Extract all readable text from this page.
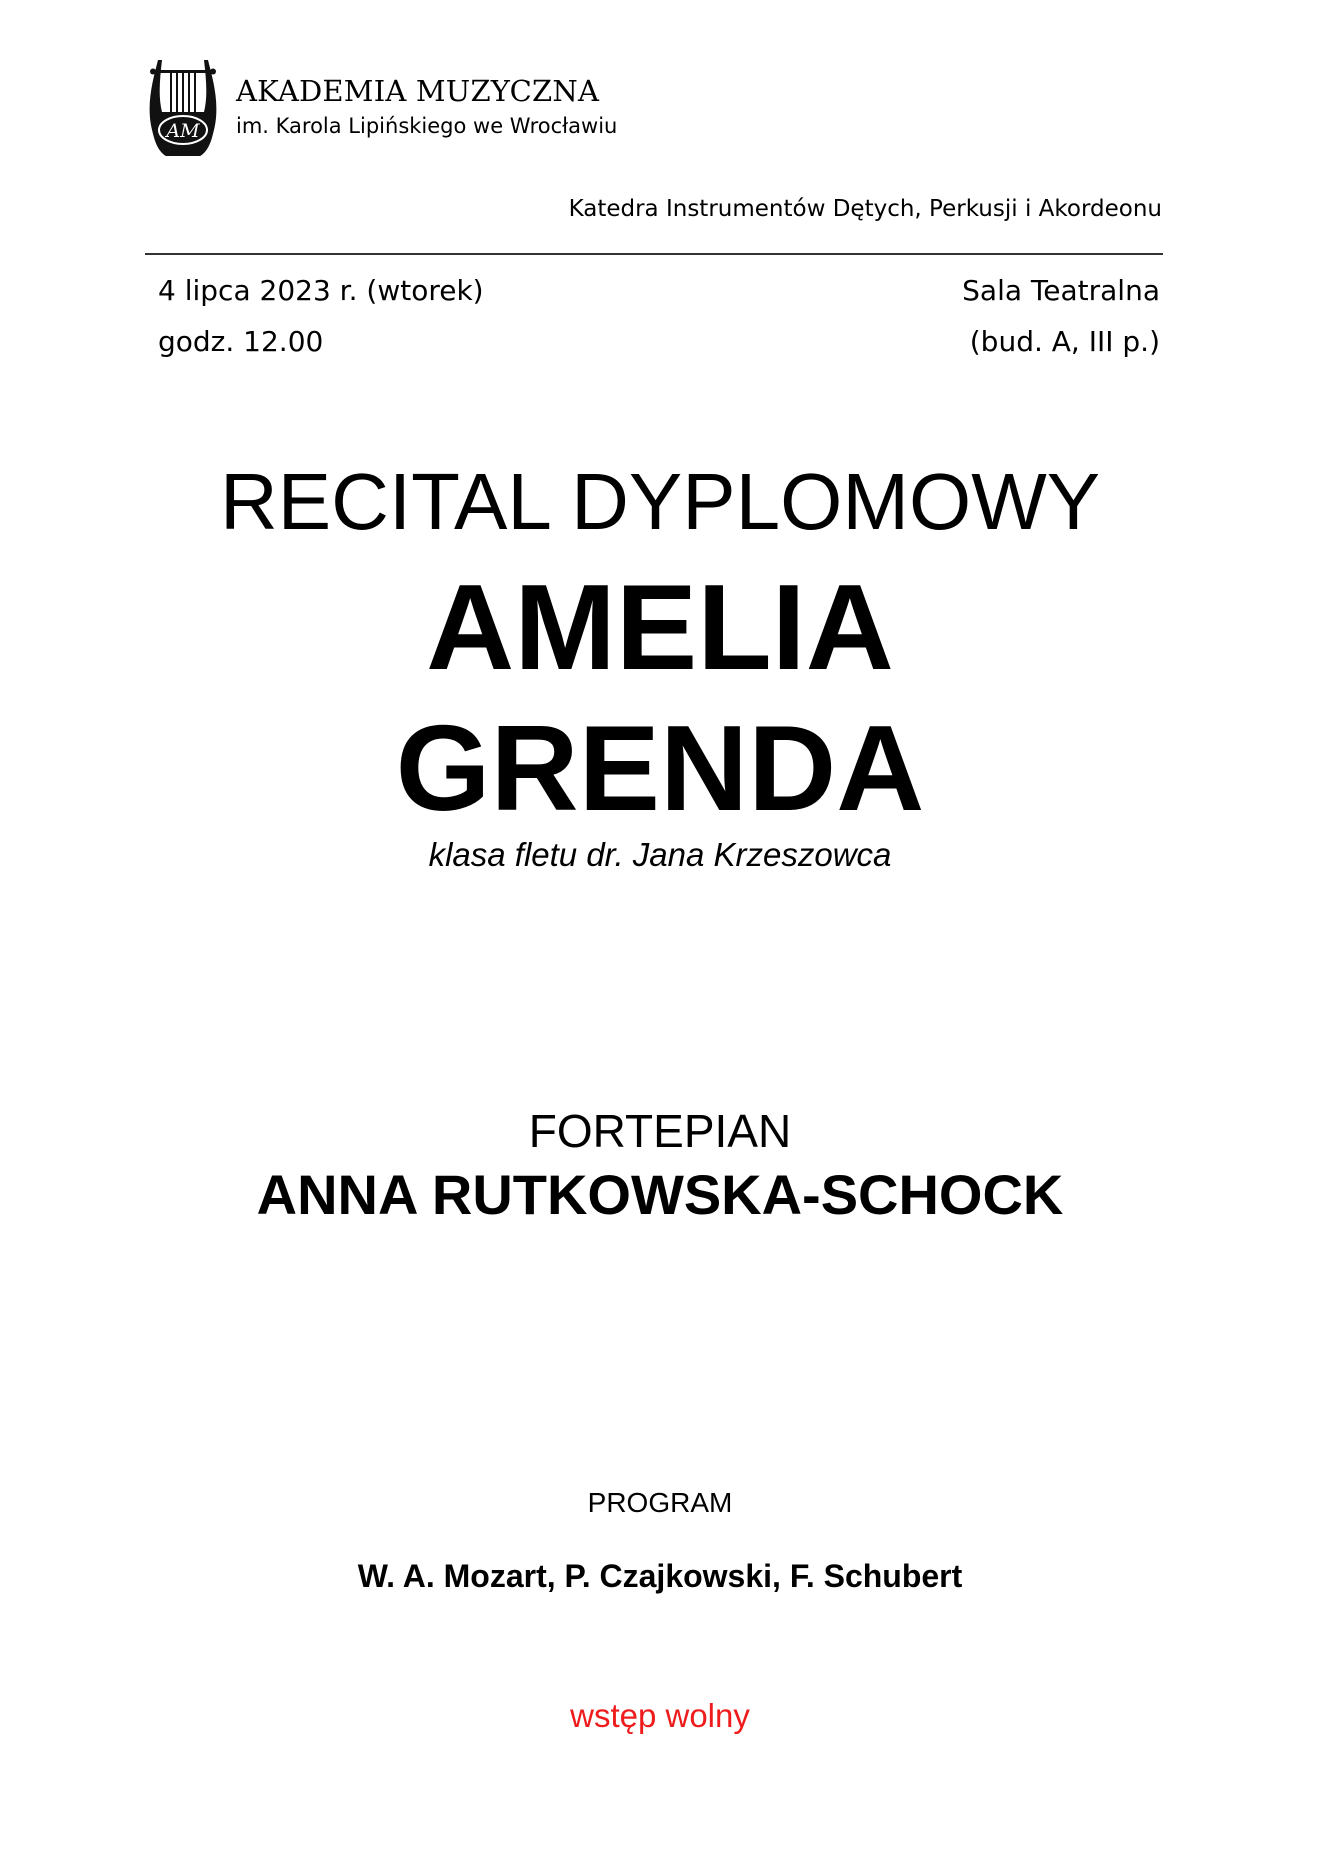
AM
AKADEMIA MUZYCZNA
im. Karola Lipińskiego we Wrocławiu
Katedra Instrumentów Dętych, Perkusji i Akordeonu
4 lipca 2023 r. (wtorek)
godz. 12.00
Sala Teatralna
(bud. A, III p.)
RECITAL DYPLOMOWY
AMELIA
GRENDA
klasa fletu dr. Jana Krzeszowca
FORTEPIAN
ANNA RUTKOWSKA-SCHOCK
PROGRAM
W. A. Mozart, P. Czajkowski, F. Schubert
wstęp wolny
